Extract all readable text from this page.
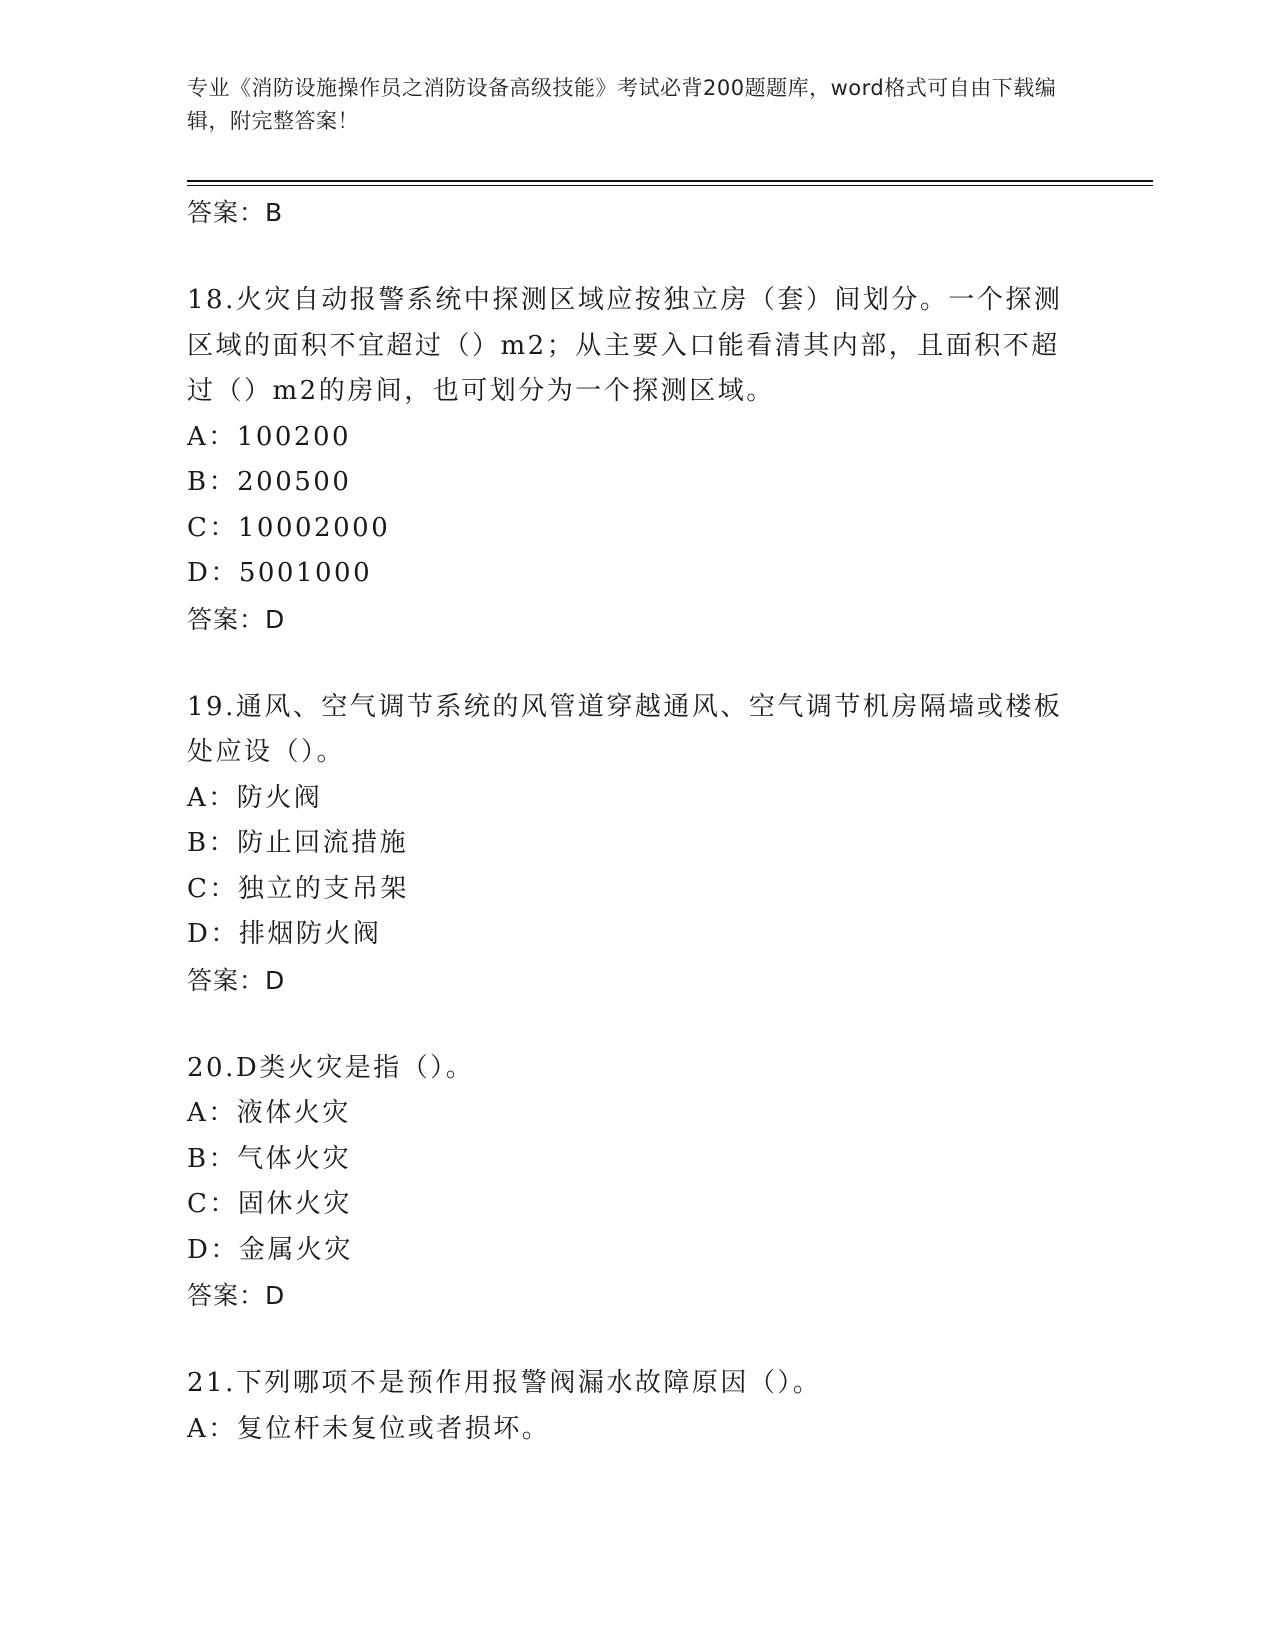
专业《消防设施操作员之消防设备高级技能》考试必背200题题库，word格式可自由下载编辑，附完整答案！
答案：B
18.火灾自动报警系统中探测区域应按独立房（套）间划分。一个探测区域的面积不宜超过（）m2；从主要入口能看清其内部，且面积不超过（）m2的房间，也可划分为一个探测区域。
A：100200
B：200500
C：10002000
D：5001000
答案：D
19.通风、空气调节系统的风管道穿越通风、空气调节机房隔墙或楼板处应设（）。
A：防火阀
B：防止回流措施
C：独立的支吊架
D：排烟防火阀
答案：D
20.D类火灾是指（）。
A：液体火灾
B：气体火灾
C：固休火灾
D：金属火灾
答案：D
21.下列哪项不是预作用报警阀漏水故障原因（）。
A：复位杆未复位或者损坏。
